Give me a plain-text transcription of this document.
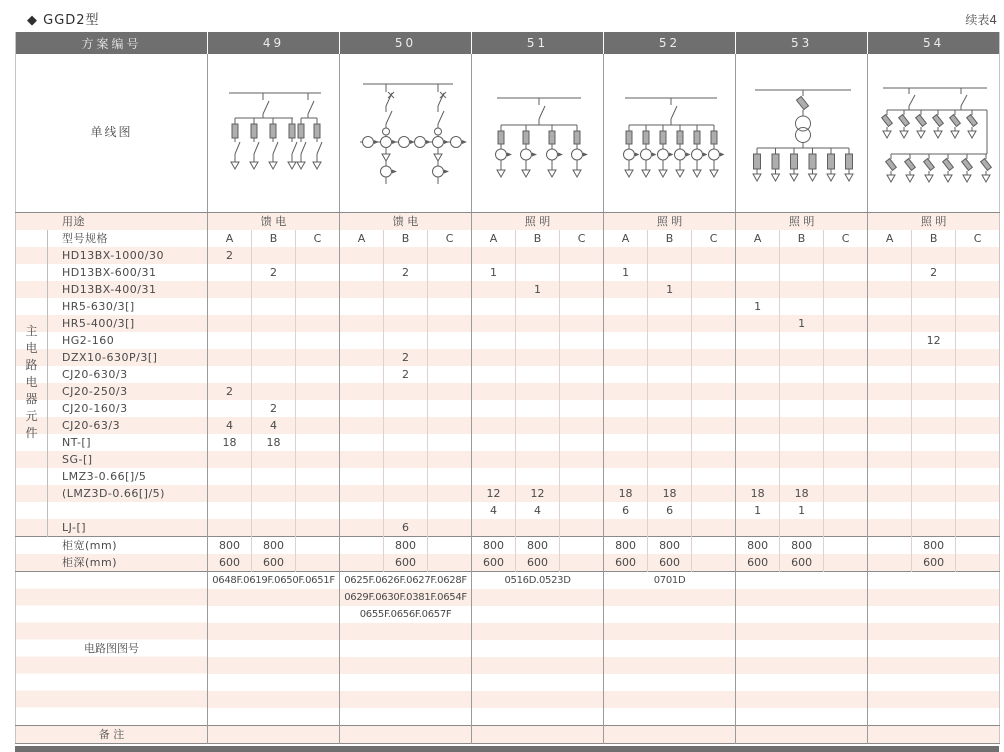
◆ GGD2型	续表4
方案编号		49			50			51			52			53			54		
单线图	

用途		馈 电			馈 电			照 明			照 明			照 明			照 明		

主
电
路
电
器
元
件
	型号规格	A	B	C	A	B	C	A	B	C	A	B	C	A	B	C	A	B	C
	HD13BX-1000/30	2																	
	HD13BX-600/31		2			2		1			1							2	
	HD13BX-400/31								1			1							
	HR5-630/3[]													1					
	HR5-400/3[]														1				
	HG2-160																	12	
	DZX10-630P/3[]					2													
	CJ20-630/3					2													
	CJ20-250/3	2																	
	CJ20-160/3		2																
	CJ20-63/3	4	4																
	NT-[]	18	18																
	SG-[]																		
	LMZ3-0.66[]/5																		
	(LMZ3D-0.66[]/5)							12	12		18	18		18	18				
								4	4		6	6		1	1				
	LJ-[]					6													
柜宽(mm)		800	800			800		800	800		800	800		800	800			800	
柜深(mm)		600	600			600		600	600		600	600		600	600			600	
电路图图号		0648F.0619F.0650F.0651F			0625F.0626F.0627F.0628F			0516D.0523D			0701D								
					0629F.0630F.0381F.0654F														
					0655F.0656F.0657F														

备 注																			
